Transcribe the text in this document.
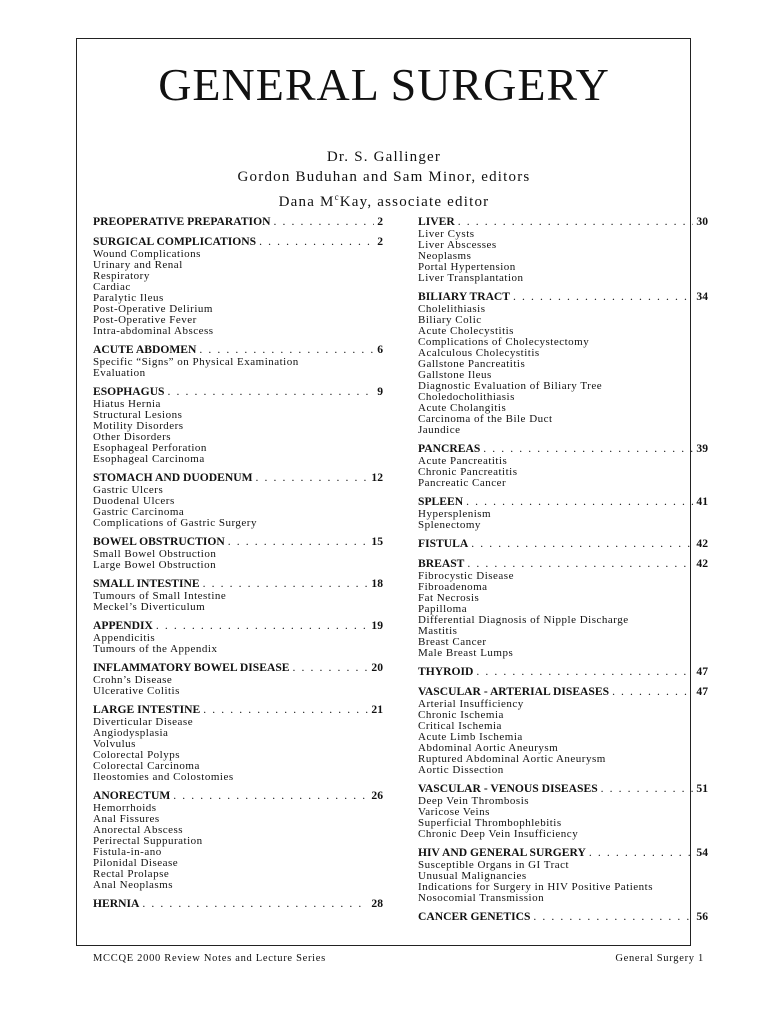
GENERAL SURGERY
Dr. S. Gallinger
Gordon Buduhan and Sam Minor, editors
Dana $M^cKay$, associate editor
PREOPERATIVE PREPARATION . . .	2
SURGICAL COMPLICATIONS . . .	2
Wound Complications
Urinary and Renal
Respiratory
Cardiac
Paralytic Ileus
Post-Operative Delirium
Post-Operative Fever
Intra-abdominal Abscess
ACUTE ABDOMEN . . .	6
Specific “Signs” on Physical Examination
Evaluation
ESOPHAGUS . . .	9
Hiatus Hernia
Structural Lesions
Motility Disorders
Other Disorders
Esophageal Perforation
Esophageal Carcinoma
STOMACH AND DUODENUM . . .	12
Gastric Ulcers
Duodenal Ulcers
Gastric Carcinoma
Complications of Gastric Surgery
BOWEL OBSTRUCTION . . .	15
Small Bowel Obstruction
Large Bowel Obstruction
SMALL INTESTINE . . .	18
Tumours of Small Intestine
Meckel’s Diverticulum
APPENDIX . . .	19
Appendicitis
Tumours of the Appendix
INFLAMMATORY BOWEL DISEASE . . .	20
Crohn’s Disease
Ulcerative Colitis
LARGE INTESTINE . . .	21
Diverticular Disease
Angiodysplasia
Volvulus
Colorectal Polyps
Colorectal Carcinoma
Ileostomies and Colostomies
ANORECTUM . . .	26
Hemorrhoids
Anal Fissures
Anorectal Abscess
Perirectal Suppuration
Fistula-in-ano
Pilonidal Disease
Rectal Prolapse
Anal Neoplasms
HERNIA . . .	28
LIVER . . .	30
Liver Cysts
Liver Abscesses
Neoplasms
Portal Hypertension
Liver Transplantation
BILIARY TRACT . . .	34
Cholelithiasis
Biliary Colic
Acute Cholecystitis
Complications of Cholecystectomy
Acalculous Cholecystitis
Gallstone Pancreatitis
Gallstone Ileus
Diagnostic Evaluation of Biliary Tree
Choledocholithiasis
Acute Cholangitis
Carcinoma of the Bile Duct
Jaundice
PANCREAS . . .	39
Acute Pancreatitis
Chronic Pancreatitis
Pancreatic Cancer
SPLEEN . . .	41
Hypersplenism
Splenectomy
FISTULA . . .	42
BREAST . . .	42
Fibrocystic Disease
Fibroadenoma
Fat Necrosis
Papilloma
Differential Diagnosis of Nipple Discharge
Mastitis
Breast Cancer
Male Breast Lumps
THYROID . . .	47
VASCULAR - ARTERIAL DISEASES . . .	47
Arterial Insufficiency
Chronic Ischemia
Critical Ischemia
Acute Limb Ischemia
Abdominal Aortic Aneurysm
Ruptured Abdominal Aortic Aneurysm
Aortic Dissection
VASCULAR - VENOUS DISEASES . . .	51
Deep Vein Thrombosis
Varicose Veins
Superficial Thrombophlebitis
Chronic Deep Vein Insufficiency
HIV AND GENERAL SURGERY . . .	54
Susceptible Organs in GI Tract
Unusual Malignancies
Indications for Surgery in HIV Positive Patients
Nosocomial Transmission
CANCER GENETICS . . .	56
MCCQE 2000 Review Notes and Lecture Series	General Surgery 1
